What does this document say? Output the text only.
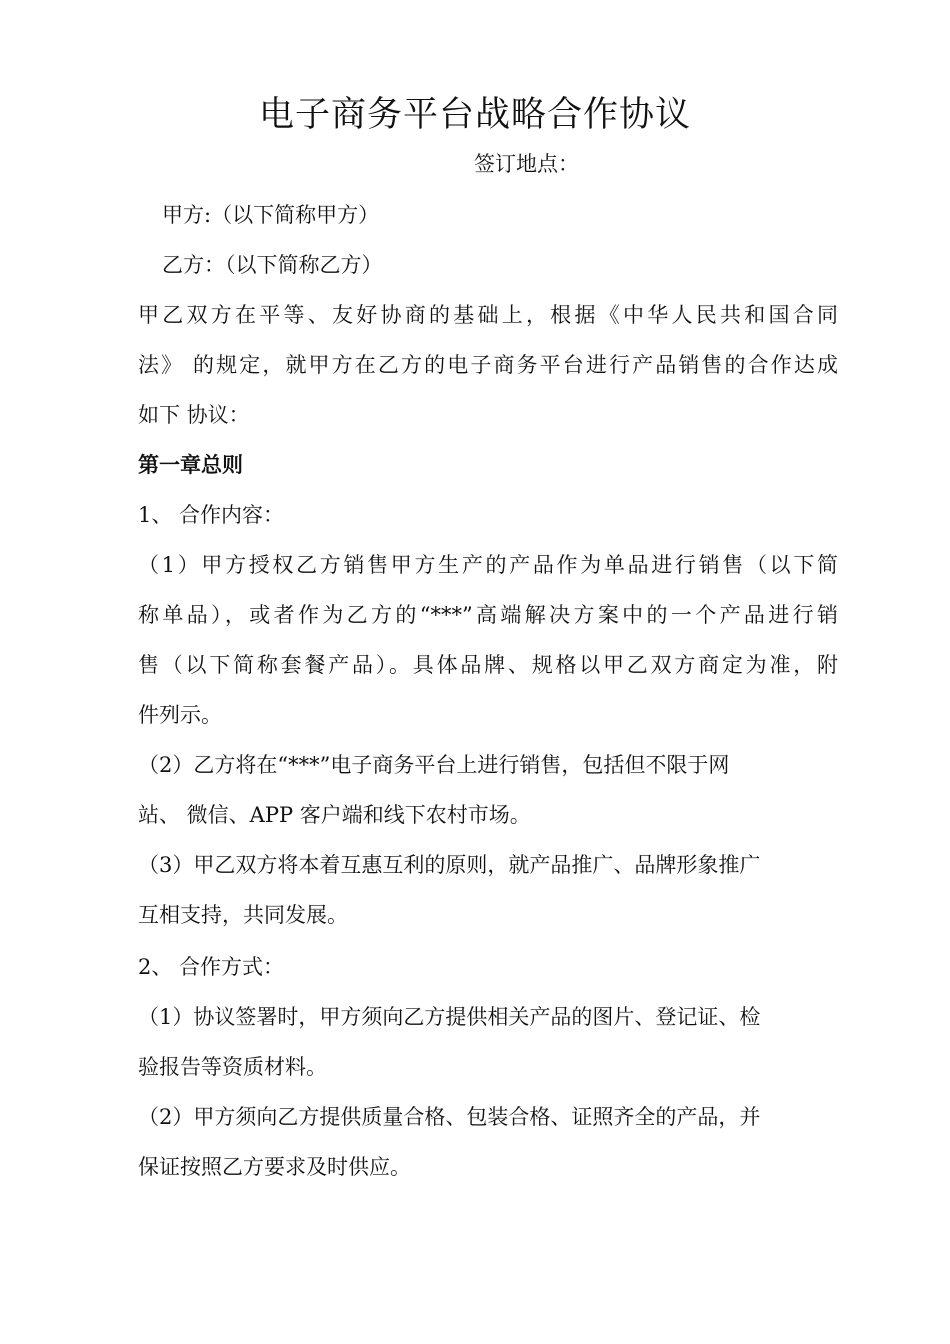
电子商务平台战略合作协议
签订地点：
甲方:（以下简称甲方）
乙方：（以下简称乙方）
甲乙双方在平等、友好协商的基础上，根据《中华人民共和国合同
法》 的规定，就甲方在乙方的电子商务平台进行产品销售的合作达成
如下 协议：
第一章总则
1、 合作内容：
（1）甲方授权乙方销售甲方生产的产品作为单品进行销售（以下简
称单品），或者作为乙方的“***”高端解决方案中的一个产品进行销
售（以下简称套餐产品）。具体品牌、规格以甲乙双方商定为准，附
件列示。
（2）乙方将在“***”电子商务平台上进行销售，包括但不限于网
站、 微信、APP 客户端和线下农村市场。
（3）甲乙双方将本着互惠互利的原则，就产品推广、品牌形象推广
互相支持，共同发展。
2、 合作方式：
（1）协议签署时，甲方须向乙方提供相关产品的图片、登记证、检
验报告等资质材料。
（2）甲方须向乙方提供质量合格、包装合格、证照齐全的产品，并
保证按照乙方要求及时供应。
